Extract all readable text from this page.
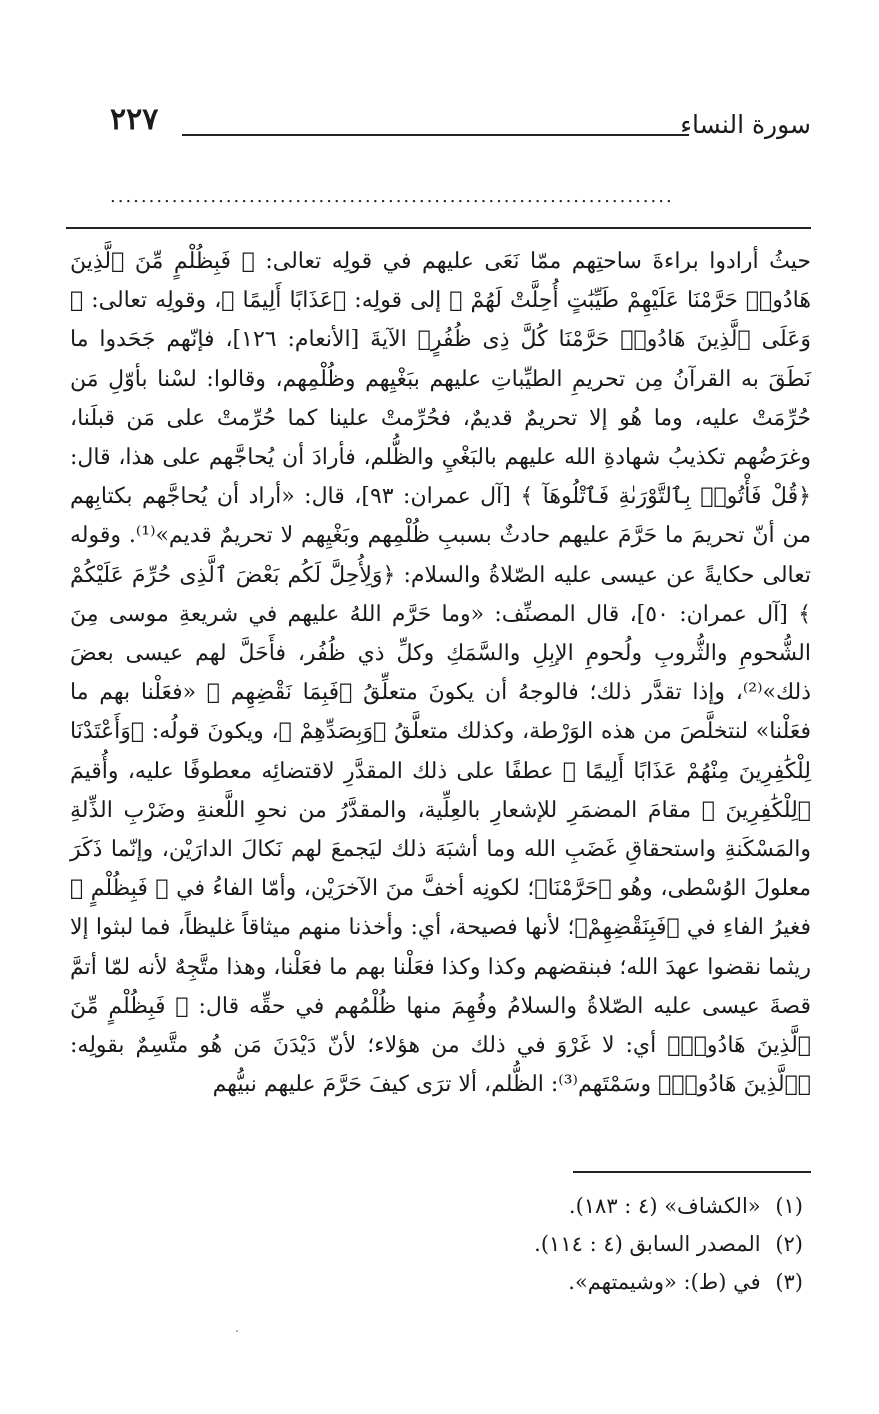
سورة النساء
٢٢٧
.........................................................................

حيثُ أرادوا براءةَ ساحتِهم ممّا نَعَى عليهم في قولِه تعالى: ﴿ فَبِظُلْمٍ مِّنَ ٱلَّذِينَ هَادُوا۟ حَرَّمْنَا عَلَيْهِمْ طَيِّبَٰتٍ أُحِلَّتْ لَهُمْ ﴾ إلى قولِه: ﴿عَذَابًا أَلِيمًا ﴾، وقولِه تعالى: ﴿ وَعَلَى ٱلَّذِينَ هَادُوا۟ حَرَّمْنَا كُلَّ ذِى ظُفُرٍ﴾ الآيةَ [الأنعام: ١٢٦]، فإنّهم جَحَدوا ما نَطَقَ به القرآنُ مِن تحريمِ الطيِّباتِ عليهم ببَغْيِهم وظُلْمِهم، وقالوا: لسْنا بأوّلِ مَن حُرِّمَتْ عليه، وما هُو إلا تحريمٌ قديمٌ، فحُرِّمتْ علينا كما حُرِّمتْ على مَن قبلَنا، وغرَضُهم تكذيبُ شهادةِ الله عليهم بالبَغْيِ والظُّلم، فأرادَ أن يُحاجَّهم على هذا، قال: ﴿قُلْ فَأْتُوا۟ بِٱلتَّوْرَىٰةِ فَٱتْلُوهَآ ﴾ [آل عمران: ٩٣]، قال: «أراد أن يُحاجَّهم بكتابِهم من أنّ تحريمَ ما حَرَّمَ عليهم حادثٌ بسببِ ظُلْمِهم وبَغْيِهم لا تحريمٌ قديم»⁽¹⁾. وقوله تعالى حكايةً عن عيسى عليه الصّلاةُ والسلام: ﴿وَلِأُحِلَّ لَكُم بَعْضَ ٱلَّذِى حُرِّمَ عَلَيْكُمْ ﴾ [آل عمران: ٥٠]، قال المصنِّف: «وما حَرَّم اللهُ عليهم في شريعةِ موسى مِنَ الشُّحومِ والثُّروبِ ولُحومِ الإبِلِ والسَّمَكِ وكلِّ ذي ظُفُر، فأَحَلَّ لهم عيسى بعضَ ذلك»⁽²⁾، وإذا تقدَّر ذلك؛ فالوجهُ أن يكونَ متعلِّقُ ﴿فَبِمَا نَقْضِهِم ﴾ «فعَلْنا بهم ما فعَلْنا» لنتخلَّصَ من هذه الوَرْطة، وكذلك متعلَّقُ ﴿وَبِصَدِّهِمْ ﴾، ويكونَ قولُه: ﴿وَأَعْتَدْنَا لِلْكَٰفِرِينَ مِنْهُمْ عَذَابًا أَلِيمًا ﴾ عطفًا على ذلك المقدَّرِ لاقتضائِه معطوفًا عليه، وأُقيمَ ﴿لِلْكَٰفِرِينَ ﴾ مقامَ المضمَرِ للإشعارِ بالعِلِّية، والمقدَّرُ من نحوِ اللَّعنةِ وضَرْبِ الذِّلةِ والمَسْكَنةِ واستحقاقِ غَضَبِ الله وما أشبَهَ ذلك ليَجمعَ لهم نَكالَ الدارَيْن، وإنّما ذَكَرَ معلولَ الوُسْطى، وهُو ﴿حَرَّمْنَا﴾؛ لكونِه أخفَّ منَ الآخرَيْن، وأمّا الفاءُ في ﴿ فَبِظُلْمٍ ﴾ فغيرُ الفاءِ في ﴿فَبِنَقْضِهِمْ﴾؛ لأنها فصيحة، أي: وأخذنا منهم ميثاقاً غليظاً، فما لبثوا إلا ريثما نقضوا عهدَ الله؛ فبنقضهم وكذا وكذا فعَلْنا بهم ما فعَلْنا، وهذا متَّجِهٌ لأنه لمّا أتمَّ قصةَ عيسى عليه الصّلاةُ والسلامُ وفُهِمَ منها ظُلْمُهم في حقِّه قال: ﴿ فَبِظُلْمٍ مِّنَ ٱلَّذِينَ هَادُوا۟﴾ أي: لا غَرْوَ في ذلك من هؤلاء؛ لأنّ دَيْدَنَ مَن هُو متَّسِمٌ بقولِه: ﴿ٱلَّذِينَ هَادُوا۟﴾ وسَمْتَهم⁽³⁾: الظُّلم، ألا ترَى كيفَ حَرَّمَ عليهم نبيُّهم

(١) «الكشاف» (٤ : ١٨٣).

(٢) المصدر السابق (٤ : ١١٤).

(٣) في (ط): «وشيمتهم».
